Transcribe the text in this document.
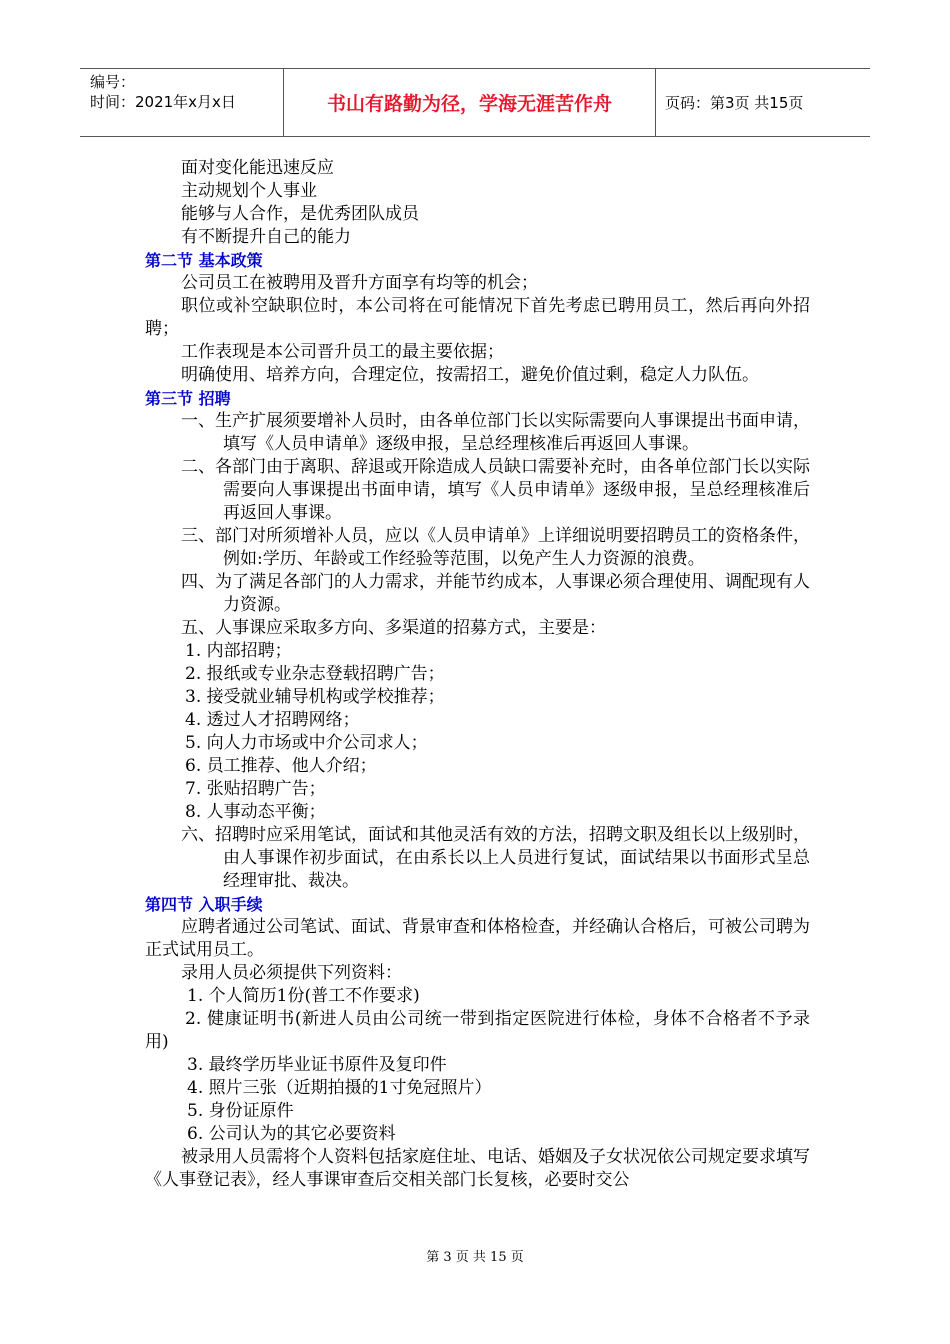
编号：
时间：2021年x月x日	书山有路勤为径，学海无涯苦作舟	页码：第3页 共15页

面对变化能迅速反应

主动规划个人事业

能够与人合作，是优秀团队成员

有不断提升自己的能力

第二节 基本政策

公司员工在被聘用及晋升方面享有均等的机会；

职位或补空缺职位时，本公司将在可能情况下首先考虑已聘用员工，然后再向外招聘；

工作表现是本公司晋升员工的最主要依据；

明确使用、培养方向，合理定位，按需招工，避免价值过剩，稳定人力队伍。

第三节 招聘

一、生产扩展须要增补人员时，由各单位部门长以实际需要向人事课提出书面申请，填写《人员申请单》逐级申报，呈总经理核准后再返回人事课。

二、各部门由于离职、辞退或开除造成人员缺口需要补充时，由各单位部门长以实际需要向人事课提出书面申请，填写《人员申请单》逐级申报，呈总经理核准后再返回人事课。

三、部门对所须增补人员，应以《人员申请单》上详细说明要招聘员工的资格条件，例如:学历、年龄或工作经验等范围，以免产生人力资源的浪费。

四、为了满足各部门的人力需求，并能节约成本，人事课必须合理使用、调配现有人力资源。

五、人事课应采取多方向、多渠道的招募方式，主要是：

1. 内部招聘；

2. 报纸或专业杂志登载招聘广告；

3. 接受就业辅导机构或学校推荐；

4. 透过人才招聘网络；

5. 向人力市场或中介公司求人；

6. 员工推荐、他人介绍；

7. 张贴招聘广告；

8. 人事动态平衡；

六、招聘时应采用笔试，面试和其他灵活有效的方法，招聘文职及组长以上级别时，由人事课作初步面试，在由系长以上人员进行复试，面试结果以书面形式呈总经理审批、裁决。

第四节 入职手续

应聘者通过公司笔试、面试、背景审查和体格检查，并经确认合格后，可被公司聘为正式试用员工。

录用人员必须提供下列资料：

1. 个人简历1份(普工不作要求)

2. 健康证明书(新进人员由公司统一带到指定医院进行体检，身体不合格者不予录用)

3. 最终学历毕业证书原件及复印件

4. 照片三张（近期拍摄的1寸免冠照片）

5. 身份证原件

6. 公司认为的其它必要资料

被录用人员需将个人资料包括家庭住址、电话、婚姻及子女状况依公司规定要求填写《人事登记表》，经人事课审查后交相关部门长复核，必要时交公

第 3 页 共 15 页
